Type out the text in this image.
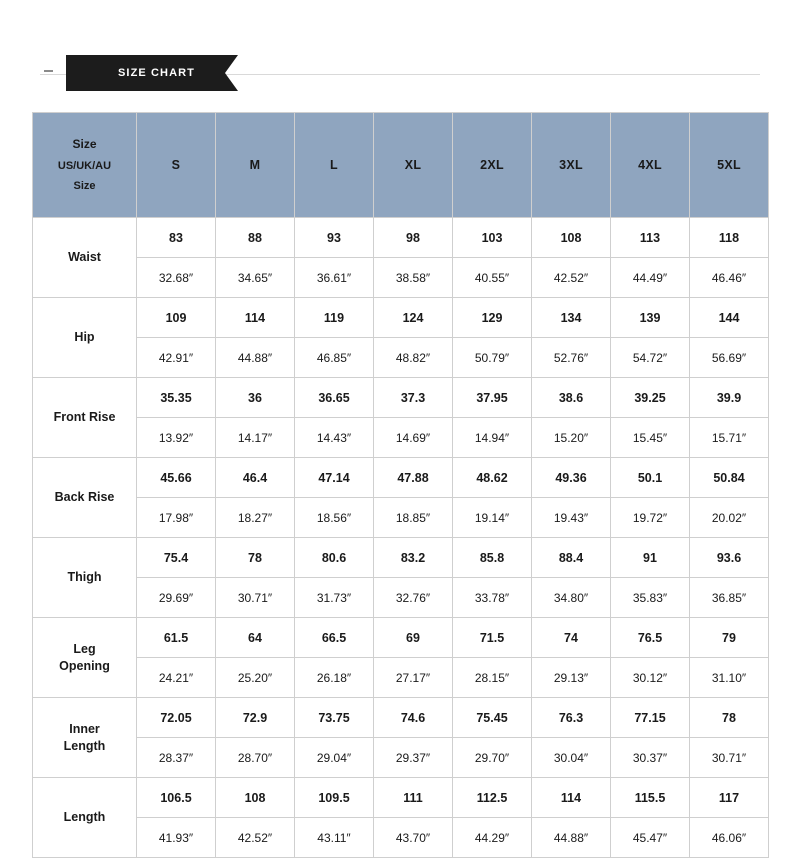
SIZE CHART
Size
US/UK/AU
Size	S	M	L	XL	2XL	3XL	4XL	5XL

Waist	83	88	93	98	103	108	113	118
	32.68″	34.65″	36.61″	38.58″	40.55″	42.52″	44.49″	46.46″

Hip	109	114	119	124	129	134	139	144
	42.91″	44.88″	46.85″	48.82″	50.79″	52.76″	54.72″	56.69″

Front Rise	35.35	36	36.65	37.3	37.95	38.6	39.25	39.9
	13.92″	14.17″	14.43″	14.69″	14.94″	15.20″	15.45″	15.71″

Back Rise	45.66	46.4	47.14	47.88	48.62	49.36	50.1	50.84
	17.98″	18.27″	18.56″	18.85″	19.14″	19.43″	19.72″	20.02″

Thigh	75.4	78	80.6	83.2	85.8	88.4	91	93.6
	29.69″	30.71″	31.73″	32.76″	33.78″	34.80″	35.83″	36.85″

Leg
Opening	61.5	64	66.5	69	71.5	74	76.5	79
	24.21″	25.20″	26.18″	27.17″	28.15″	29.13″	30.12″	31.10″

Inner
Length	72.05	72.9	73.75	74.6	75.45	76.3	77.15	78
	28.37″	28.70″	29.04″	29.37″	29.70″	30.04″	30.37″	30.71″

Length	106.5	108	109.5	111	112.5	114	115.5	117
	41.93″	42.52″	43.11″	43.70″	44.29″	44.88″	45.47″	46.06″
